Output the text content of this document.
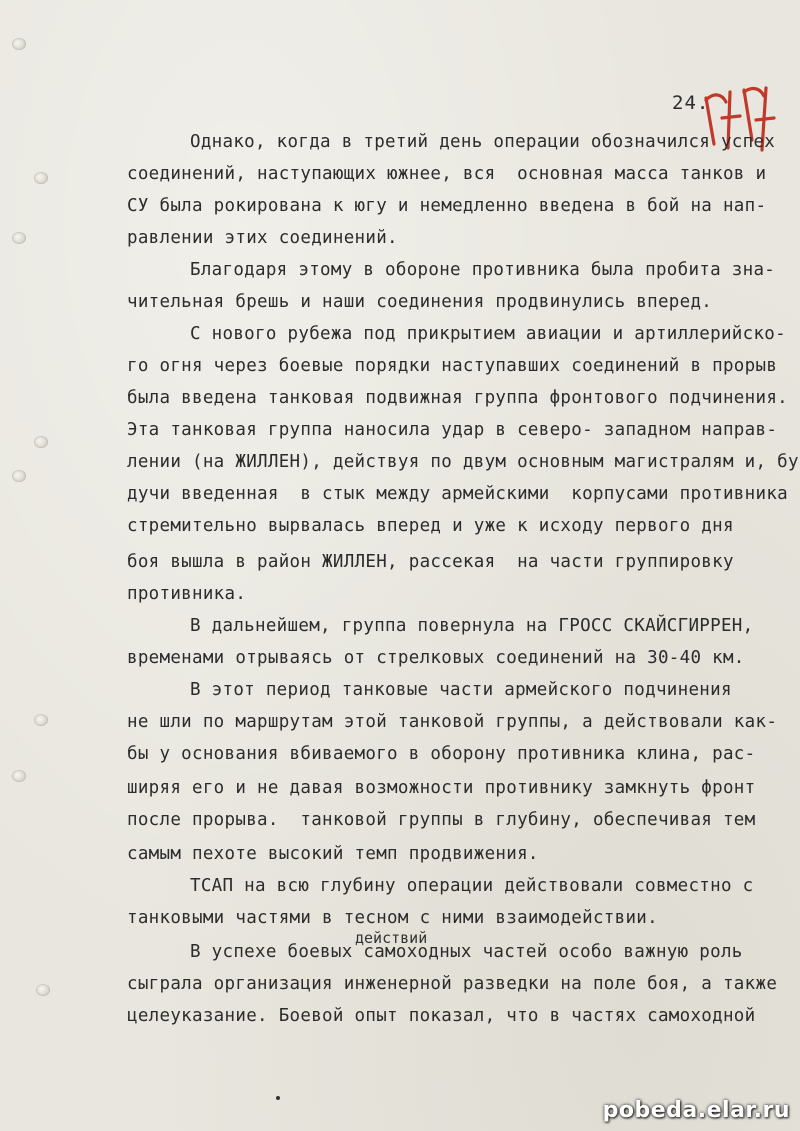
24.
Однако, когда в третий день операции обозначился успех
соединений, наступающих южнее, вся  основная масса танков и
СУ была рокирована к югу и немедленно введена в бой на нап-
равлении этих соединений.
Благодаря этому в обороне противника была пробита зна-
чительная брешь и наши соединения продвинулись вперед.
С нового рубежа под прикрытием авиации и артиллерийско-
го огня через боевые порядки наступавших соединений в прорыв
была введена танковая подвижная группа фронтового подчинения.
Эта танковая группа наносила удар в северо- западном направ-
лении (на ЖИЛЛЕН), действуя по двум основным магистралям и, бу
дучи введенная  в стык между армейскими  корпусами противника
стремительно вырвалась вперед и уже к исходу первого дня
боя вышла в район ЖИЛЛЕН, рассекая  на части группировку
противника.
В дальнейшем, группа повернула на ГРОСС СКАЙСГИРРЕН,
временами отрываясь от стрелковых соединений на 30-40 км.
В этот период танковые части армейского подчинения
не шли по маршрутам этой танковой группы, а действовали как-
бы у основания вбиваемого в оборону противника клина, рас-
ширяя его и не давая возможности противнику замкнуть фронт
после прорыва.  танковой группы в глубину, обеспечивая тем
самым пехоте высокий темп продвижения.
ТСАП на всю глубину операции действовали совместно с
танковыми частями в тесном с ними взаимодействии.
действий
В успехе боевых самоходных частей особо важную роль
сыграла организация инженерной разведки на поле боя, а также
целеуказание. Боевой опыт показал, что в частях самоходной
pobeda.elar.ru
